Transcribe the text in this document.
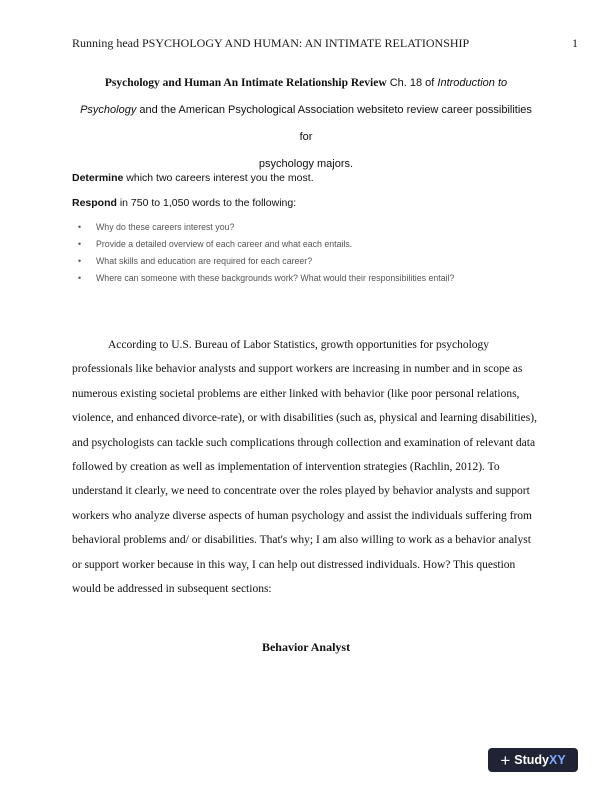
Running head PSYCHOLOGY AND HUMAN: AN INTIMATE RELATIONSHIP	1
Psychology and Human An Intimate Relationship Review Ch. 18 of Introduction to
Psychology and the American Psychological Association websiteto review career possibilities for
psychology majors.
Determine which two careers interest you the most.
Respond in 750 to 1,050 words to the following:
• Why do these careers interest you?
• Provide a detailed overview of each career and what each entails.
• What skills and education are required for each career?
• Where can someone with these backgrounds work? What would their responsibilities entail?

According to U.S. Bureau of Labor Statistics, growth opportunities for psychology professionals like behavior analysts and support workers are increasing in number and in scope as numerous existing societal problems are either linked with behavior (like poor personal relations, violence, and enhanced divorce-rate), or with disabilities (such as, physical and learning disabilities), and psychologists can tackle such complications through collection and examination of relevant data followed by creation as well as implementation of intervention strategies (Rachlin, 2012). To understand it clearly, we need to concentrate over the roles played by behavior analysts and support workers who analyze diverse aspects of human psychology and assist the individuals suffering from behavioral problems and/ or disabilities. That's why; I am also willing to work as a behavior analyst or support worker because in this way, I can help out distressed individuals. How? This question would be addressed in subsequent sections:

Behavior Analyst
+ Study XY
